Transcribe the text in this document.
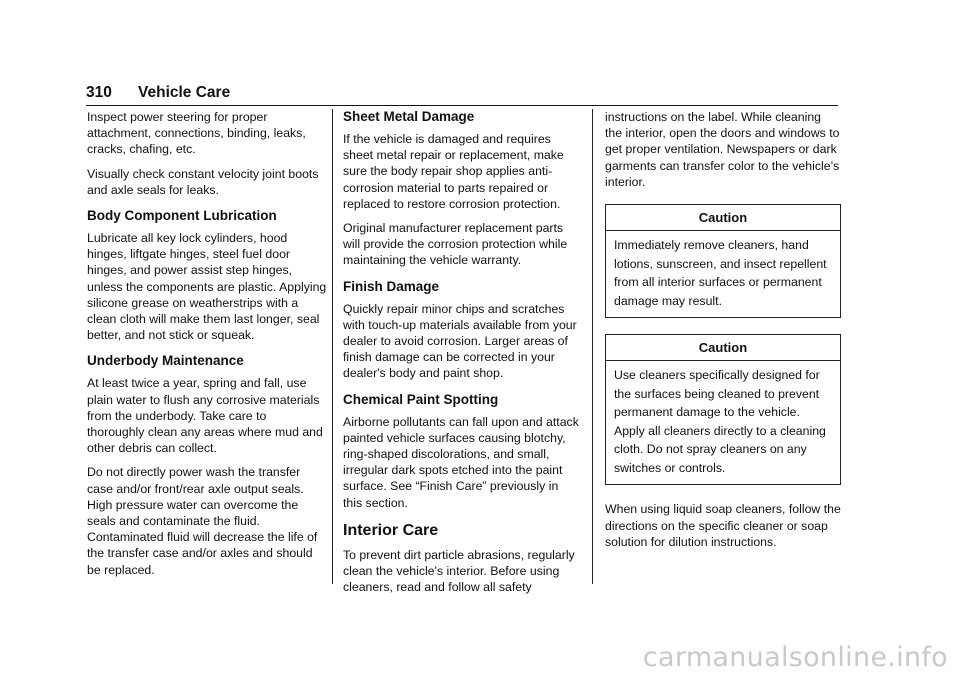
310 Vehicle Care

Inspect power steering for proper attachment, connections, binding, leaks, cracks, chafing, etc.

Visually check constant velocity joint boots and axle seals for leaks.

Body Component Lubrication

Lubricate all key lock cylinders, hood hinges, liftgate hinges, steel fuel door hinges, and power assist step hinges, unless the components are plastic. Applying silicone grease on weatherstrips with a clean cloth will make them last longer, seal better, and not stick or squeak.

Underbody Maintenance

At least twice a year, spring and fall, use plain water to flush any corrosive materials from the underbody. Take care to thoroughly clean any areas where mud and other debris can collect.

Do not directly power wash the transfer case and/or front/rear axle output seals. High pressure water can overcome the seals and contaminate the fluid. Contaminated fluid will decrease the life of the transfer case and/or axles and should be replaced.

Sheet Metal Damage

If the vehicle is damaged and requires sheet metal repair or replacement, make sure the body repair shop applies anti-corrosion material to parts repaired or replaced to restore corrosion protection.

Original manufacturer replacement parts will provide the corrosion protection while maintaining the vehicle warranty.

Finish Damage

Quickly repair minor chips and scratches with touch-up materials available from your dealer to avoid corrosion. Larger areas of finish damage can be corrected in your dealer's body and paint shop.

Chemical Paint Spotting

Airborne pollutants can fall upon and attack painted vehicle surfaces causing blotchy, ring-shaped discolorations, and small, irregular dark spots etched into the paint surface. See “Finish Care” previously in this section.

Interior Care

To prevent dirt particle abrasions, regularly clean the vehicle's interior. Before using cleaners, read and follow all safety

instructions on the label. While cleaning the interior, open the doors and windows to get proper ventilation. Newspapers or dark garments can transfer color to the vehicle’s interior.

Caution
Immediately remove cleaners, hand lotions, sunscreen, and insect repellent from all interior surfaces or permanent damage may result.
Caution
Use cleaners specifically designed for the surfaces being cleaned to prevent permanent damage to the vehicle. Apply all cleaners directly to a cleaning cloth. Do not spray cleaners on any switches or controls.

When using liquid soap cleaners, follow the directions on the specific cleaner or soap solution for dilution instructions.

carmanualsonline.info
